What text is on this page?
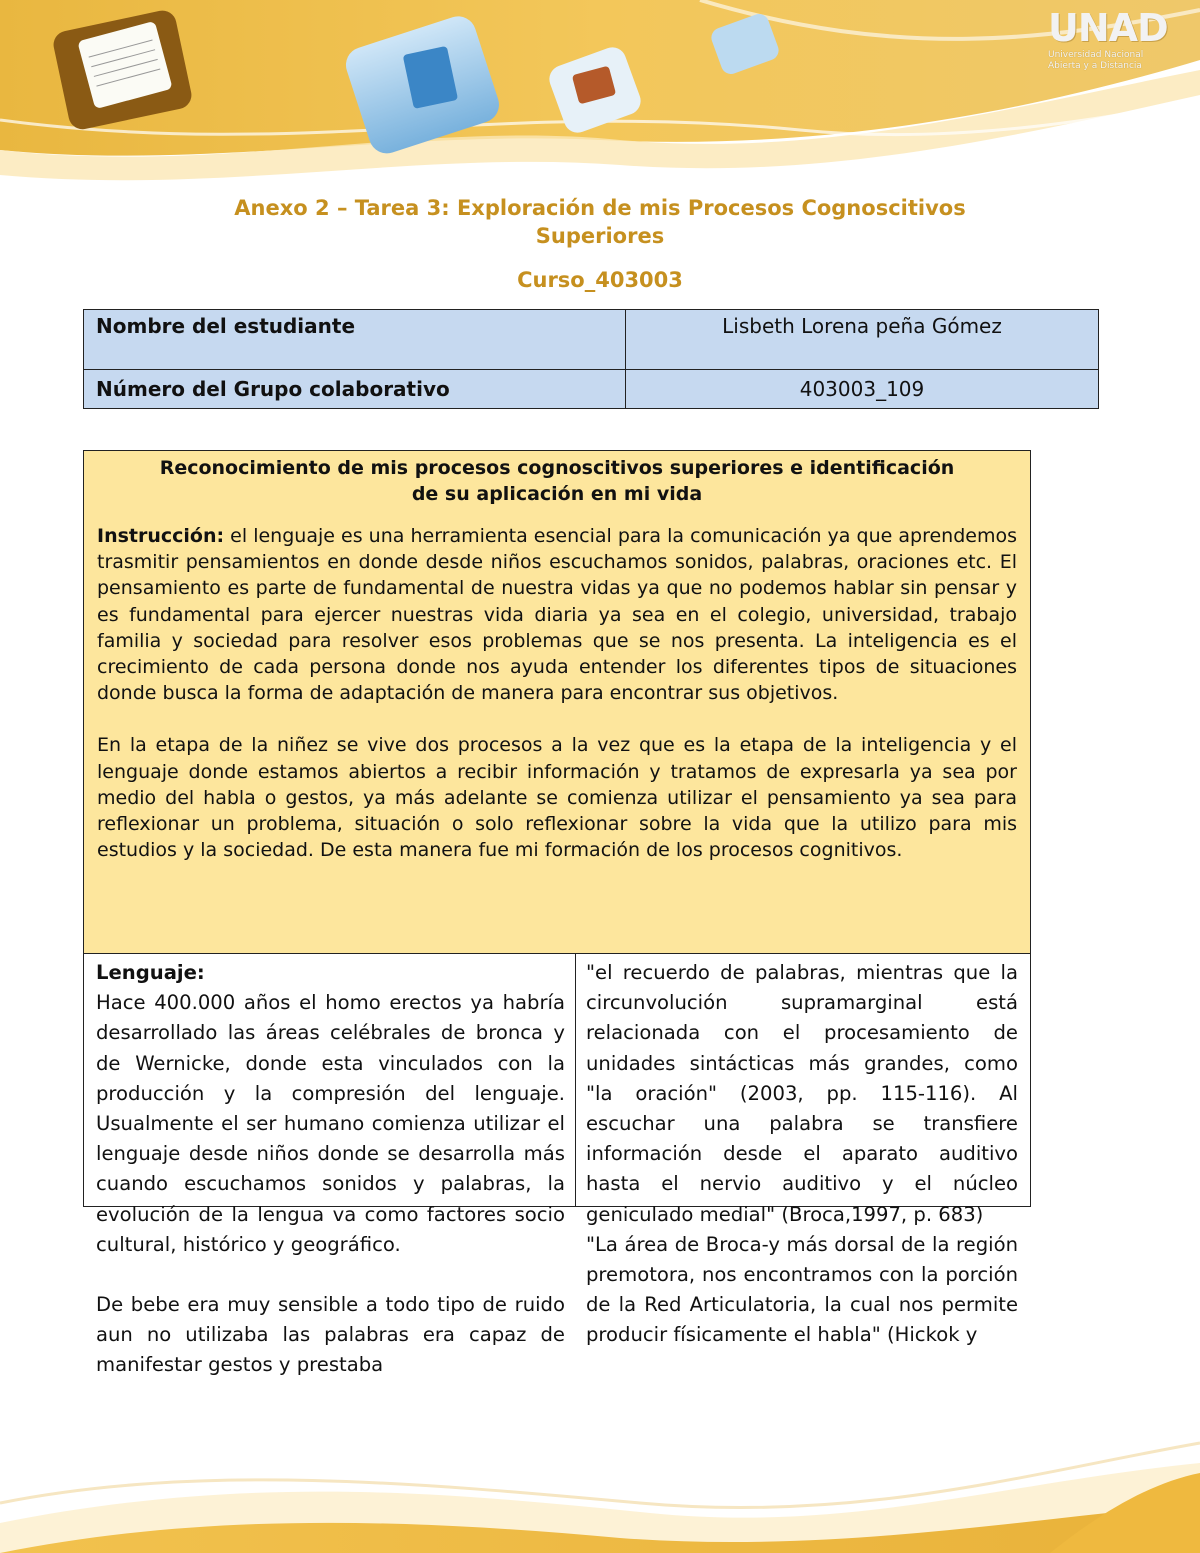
UNAD
Universidad Nacional Abierta y a Distancia
Anexo 2 – Tarea 3: Exploración de mis Procesos Cognoscitivos
Superiores
Curso_403003
Nombre del estudiante	Lisbeth Lorena peña Gómez
Número del Grupo colaborativo	403003_109
Reconocimiento de mis procesos cognoscitivos superiores e identificación
de su aplicación en mi vida

Instrucción: el lenguaje es una herramienta esencial para la comunicación ya que aprendemos trasmitir pensamientos en donde desde niños escuchamos sonidos, palabras, oraciones etc. El pensamiento es parte de fundamental de nuestra vidas ya que no podemos hablar sin pensar y es fundamental para ejercer nuestras vida diaria ya sea en el colegio, universidad, trabajo familia y sociedad para resolver esos problemas que se nos presenta. La inteligencia es el crecimiento de cada persona donde nos ayuda entender los diferentes tipos de situaciones donde busca la forma de adaptación de manera para encontrar sus objetivos.

En la etapa de la niñez se vive dos procesos a la vez que es la etapa de la inteligencia y el lenguaje donde estamos abiertos a recibir información y tratamos de expresarla ya sea por medio del habla o gestos, ya más adelante se comienza utilizar el pensamiento ya sea para reflexionar un problema, situación o solo reflexionar sobre la vida que la utilizo para mis estudios y la sociedad. De esta manera fue mi formación de los procesos cognitivos.

Lenguaje:
Hace 400.000 años el homo erectos ya habría desarrollado las áreas celébrales de bronca y de Wernicke, donde esta vinculados con la producción y la compresión del lenguaje. Usualmente el ser humano comienza utilizar el lenguaje desde niños donde se desarrolla más cuando escuchamos sonidos y palabras, la evolución de la lengua va como factores socio cultural, histórico y geográfico.
De bebe era muy sensible a todo tipo de ruido aun no utilizaba las palabras era capaz de manifestar gestos y prestaba
"el recuerdo de palabras, mientras que la circunvolución supramarginal está relacionada con el procesamiento de unidades sintácticas más grandes, como "la oración" (2003, pp. 115-116). Al escuchar una palabra se transfiere información desde el aparato auditivo hasta el nervio auditivo y el núcleo geniculado medial" (Broca,1997, p. 683)
"La área de Broca-y más dorsal de la región premotora, nos encontramos con la porción de la Red Articulatoria, la cual nos permite producir físicamente el habla" (Hickok y
